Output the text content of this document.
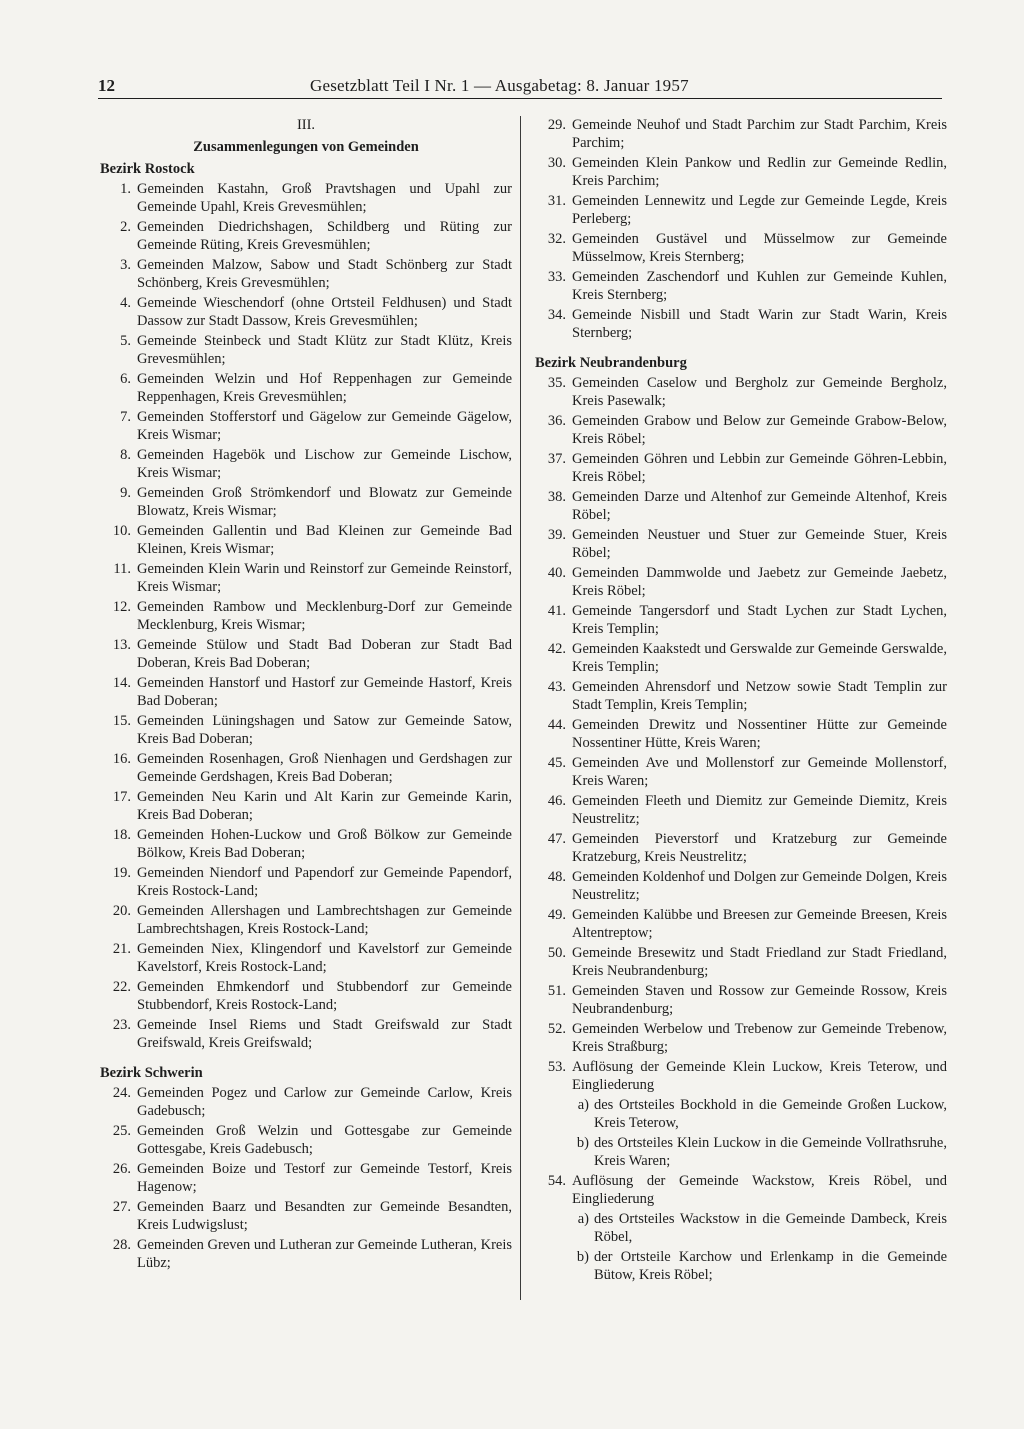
12	Gesetzblatt Teil I Nr. 1 — Ausgabetag: 8. Januar 1957
III.
Zusammenlegungen von Gemeinden
Bezirk Rostock
1. Gemeinden Kastahn, Groß Pravtshagen und Upahl zur Gemeinde Upahl, Kreis Grevesmühlen;
2. Gemeinden Diedrichshagen, Schildberg und Rüting zur Gemeinde Rüting, Kreis Grevesmühlen;
3. Gemeinden Malzow, Sabow und Stadt Schönberg zur Stadt Schönberg, Kreis Grevesmühlen;
4. Gemeinde Wieschendorf (ohne Ortsteil Feldhusen) und Stadt Dassow zur Stadt Dassow, Kreis Grevesmühlen;
5. Gemeinde Steinbeck und Stadt Klütz zur Stadt Klütz, Kreis Grevesmühlen;
6. Gemeinden Welzin und Hof Reppenhagen zur Gemeinde Reppenhagen, Kreis Grevesmühlen;
7. Gemeinden Stofferstorf und Gägelow zur Gemeinde Gägelow, Kreis Wismar;
8. Gemeinden Hagebök und Lischow zur Gemeinde Lischow, Kreis Wismar;
9. Gemeinden Groß Strömkendorf und Blowatz zur Gemeinde Blowatz, Kreis Wismar;
10. Gemeinden Gallentin und Bad Kleinen zur Gemeinde Bad Kleinen, Kreis Wismar;
11. Gemeinden Klein Warin und Reinstorf zur Gemeinde Reinstorf, Kreis Wismar;
12. Gemeinden Rambow und Mecklenburg-Dorf zur Gemeinde Mecklenburg, Kreis Wismar;
13. Gemeinde Stülow und Stadt Bad Doberan zur Stadt Bad Doberan, Kreis Bad Doberan;
14. Gemeinden Hanstorf und Hastorf zur Gemeinde Hastorf, Kreis Bad Doberan;
15. Gemeinden Lüningshagen und Satow zur Gemeinde Satow, Kreis Bad Doberan;
16. Gemeinden Rosenhagen, Groß Nienhagen und Gerdshagen zur Gemeinde Gerdshagen, Kreis Bad Doberan;
17. Gemeinden Neu Karin und Alt Karin zur Gemeinde Karin, Kreis Bad Doberan;
18. Gemeinden Hohen-Luckow und Groß Bölkow zur Gemeinde Bölkow, Kreis Bad Doberan;
19. Gemeinden Niendorf und Papendorf zur Gemeinde Papendorf, Kreis Rostock-Land;
20. Gemeinden Allershagen und Lambrechtshagen zur Gemeinde Lambrechtshagen, Kreis Rostock-Land;
21. Gemeinden Niex, Klingendorf und Kavelstorf zur Gemeinde Kavelstorf, Kreis Rostock-Land;
22. Gemeinden Ehmkendorf und Stubbendorf zur Gemeinde Stubbendorf, Kreis Rostock-Land;
23. Gemeinde Insel Riems und Stadt Greifswald zur Stadt Greifswald, Kreis Greifswald;
Bezirk Schwerin
24. Gemeinden Pogez und Carlow zur Gemeinde Carlow, Kreis Gadebusch;
25. Gemeinden Groß Welzin und Gottesgabe zur Gemeinde Gottesgabe, Kreis Gadebusch;
26. Gemeinden Boize und Testorf zur Gemeinde Testorf, Kreis Hagenow;
27. Gemeinden Baarz und Besandten zur Gemeinde Besandten, Kreis Ludwigslust;
28. Gemeinden Greven und Lutheran zur Gemeinde Lutheran, Kreis Lübz;
29. Gemeinde Neuhof und Stadt Parchim zur Stadt Parchim, Kreis Parchim;
30. Gemeinden Klein Pankow und Redlin zur Gemeinde Redlin, Kreis Parchim;
31. Gemeinden Lennewitz und Legde zur Gemeinde Legde, Kreis Perleberg;
32. Gemeinden Gustävel und Müsselmow zur Gemeinde Müsselmow, Kreis Sternberg;
33. Gemeinden Zaschendorf und Kuhlen zur Gemeinde Kuhlen, Kreis Sternberg;
34. Gemeinde Nisbill und Stadt Warin zur Stadt Warin, Kreis Sternberg;
Bezirk Neubrandenburg
35. Gemeinden Caselow und Bergholz zur Gemeinde Bergholz, Kreis Pasewalk;
36. Gemeinden Grabow und Below zur Gemeinde Grabow-Below, Kreis Röbel;
37. Gemeinden Göhren und Lebbin zur Gemeinde Göhren-Lebbin, Kreis Röbel;
38. Gemeinden Darze und Altenhof zur Gemeinde Altenhof, Kreis Röbel;
39. Gemeinden Neustuer und Stuer zur Gemeinde Stuer, Kreis Röbel;
40. Gemeinden Dammwolde und Jaebetz zur Gemeinde Jaebetz, Kreis Röbel;
41. Gemeinde Tangersdorf und Stadt Lychen zur Stadt Lychen, Kreis Templin;
42. Gemeinden Kaakstedt und Gerswalde zur Gemeinde Gerswalde, Kreis Templin;
43. Gemeinden Ahrensdorf und Netzow sowie Stadt Templin zur Stadt Templin, Kreis Templin;
44. Gemeinden Drewitz und Nossentiner Hütte zur Gemeinde Nossentiner Hütte, Kreis Waren;
45. Gemeinden Ave und Mollenstorf zur Gemeinde Mollenstorf, Kreis Waren;
46. Gemeinden Fleeth und Diemitz zur Gemeinde Diemitz, Kreis Neustrelitz;
47. Gemeinden Pieverstorf und Kratzeburg zur Gemeinde Kratzeburg, Kreis Neustrelitz;
48. Gemeinden Koldenhof und Dolgen zur Gemeinde Dolgen, Kreis Neustrelitz;
49. Gemeinden Kalübbe und Breesen zur Gemeinde Breesen, Kreis Altentreptow;
50. Gemeinde Bresewitz und Stadt Friedland zur Stadt Friedland, Kreis Neubrandenburg;
51. Gemeinden Staven und Rossow zur Gemeinde Rossow, Kreis Neubrandenburg;
52. Gemeinden Werbelow und Trebenow zur Gemeinde Trebenow, Kreis Straßburg;
53. Auflösung der Gemeinde Klein Luckow, Kreis Teterow, und Eingliederung
a) des Ortsteiles Bockhold in die Gemeinde Großen Luckow, Kreis Teterow,
b) des Ortsteiles Klein Luckow in die Gemeinde Vollrathsruhe, Kreis Waren;
54. Auflösung der Gemeinde Wackstow, Kreis Röbel, und Eingliederung
a) des Ortsteiles Wackstow in die Gemeinde Dambeck, Kreis Röbel,
b) der Ortsteile Karchow und Erlenkamp in die Gemeinde Bütow, Kreis Röbel;
